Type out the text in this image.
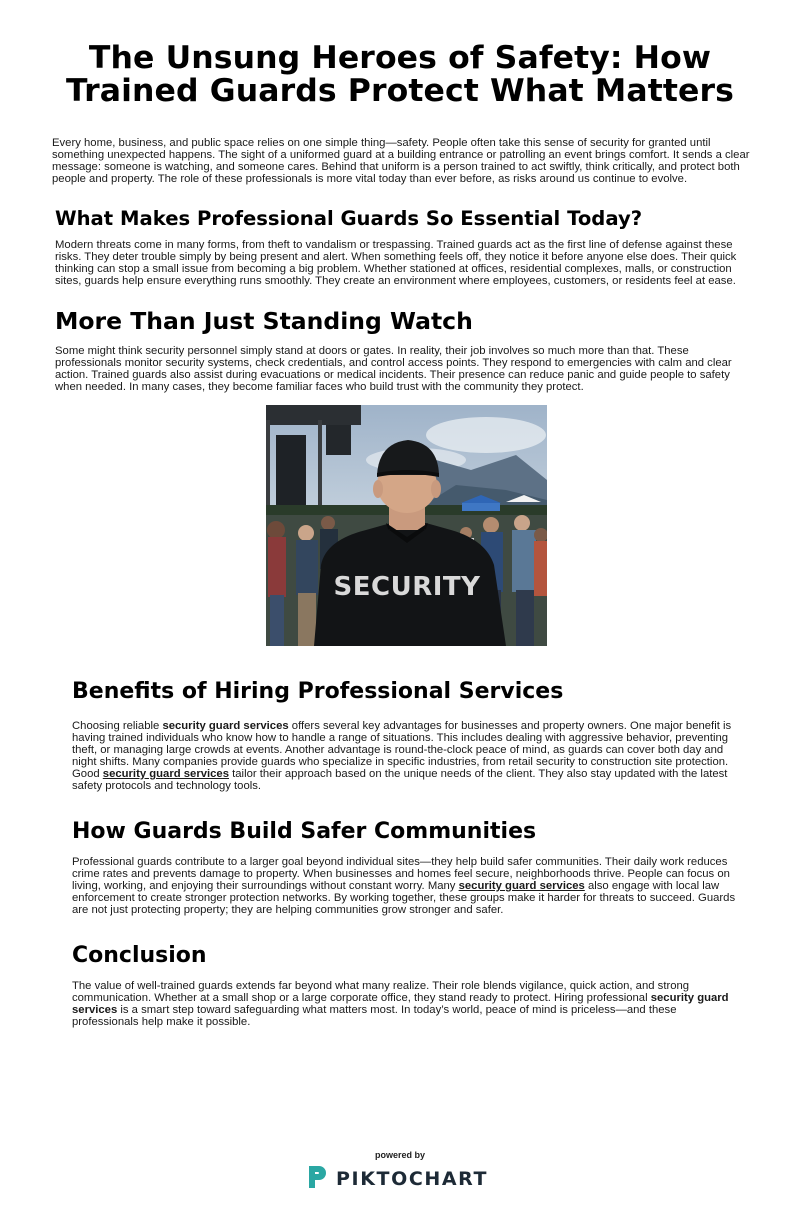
The Unsung Heroes of Safety: How Trained Guards Protect What Matters

Every home, business, and public space relies on one simple thing—safety. People often take this sense of security for granted until something unexpected happens. The sight of a uniformed guard at a building entrance or patrolling an event brings comfort. It sends a clear message: someone is watching, and someone cares. Behind that uniform is a person trained to act swiftly, think critically, and protect both people and property. The role of these professionals is more vital today than ever before, as risks around us continue to evolve.

What Makes Professional Guards So Essential Today?

Modern threats come in many forms, from theft to vandalism or trespassing. Trained guards act as the first line of defense against these risks. They deter trouble simply by being present and alert. When something feels off, they notice it before anyone else does. Their quick thinking can stop a small issue from becoming a big problem. Whether stationed at offices, residential complexes, malls, or construction sites, guards help ensure everything runs smoothly. They create an environment where employees, customers, or residents feel at ease.

More Than Just Standing Watch

Some might think security personnel simply stand at doors or gates. In reality, their job involves so much more than that. These professionals monitor security systems, check credentials, and control access points. They respond to emergencies with calm and clear action. Trained guards also assist during evacuations or medical incidents. Their presence can reduce panic and guide people to safety when needed. In many cases, they become familiar faces who build trust with the community they protect.

SECURITY
Benefits of Hiring Professional Services

Choosing reliable security guard services offers several key advantages for businesses and property owners. One major benefit is having trained individuals who know how to handle a range of situations. This includes dealing with aggressive behavior, preventing theft, or managing large crowds at events. Another advantage is round-the-clock peace of mind, as guards can cover both day and night shifts. Many companies provide guards who specialize in specific industries, from retail security to construction site protection. Good security guard services tailor their approach based on the unique needs of the client. They also stay updated with the latest safety protocols and technology tools.

How Guards Build Safer Communities

Professional guards contribute to a larger goal beyond individual sites—they help build safer communities. Their daily work reduces crime rates and prevents damage to property. When businesses and homes feel secure, neighborhoods thrive. People can focus on living, working, and enjoying their surroundings without constant worry. Many security guard services also engage with local law enforcement to create stronger protection networks. By working together, these groups make it harder for threats to succeed. Guards are not just protecting property; they are helping communities grow stronger and safer.

Conclusion

The value of well-trained guards extends far beyond what many realize. Their role blends vigilance, quick action, and strong communication. Whether at a small shop or a large corporate office, they stand ready to protect. Hiring professional security guard services is a smart step toward safeguarding what matters most. In today’s world, peace of mind is priceless—and these professionals help make it possible.

powered by

PIKTOCHART
